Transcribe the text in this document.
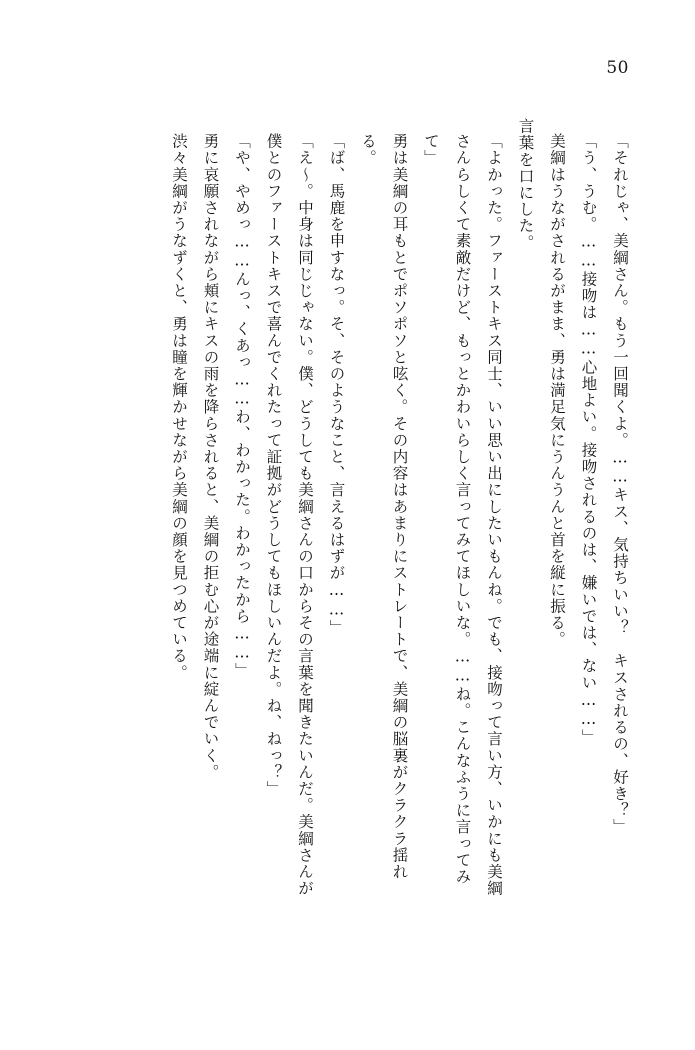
50

「それじゃ、美綱さん。もう一回聞くよ。……キス、気持ちいい？　キスされるの、好き？」

「う、うむ。……接吻は……心地よい。接吻されるのは、嫌いでは、ない……」

美綱はうながされるがまま、勇は満足気にうんうんと首を縦に振る。

言葉を口にした。

「よかった。ファーストキス同士、いい思い出にしたいもんね。でも、接吻って言い方、いかにも美綱さんらしくて素敵だけど、もっとかわいらしく言ってみてほしいな。……ね。こんなふうに言ってみて」

勇は美綱の耳もとでポソポソと呟く。その内容はあまりにストレートで、美綱の脳裏がクラクラ揺れる。

「ば、馬鹿を申すなっ。そ、そのようなこと、言えるはずが……」

「え～。中身は同じじゃない。僕、どうしても美綱さんの口からその言葉を聞きたいんだ。美綱さんが僕とのファーストキスで喜んでくれたって証拠がどうしてもほしいんだよ。ね、ねっ？」

「や、やめっ……んっ、くあっ……わ、わかった。わかったから……」

勇に哀願されながら頬にキスの雨を降らされると、美綱の拒む心が途端に綻んでいく。

渋々美綱がうなずくと、勇は瞳を輝かせながら美綱の顔を見つめている。
